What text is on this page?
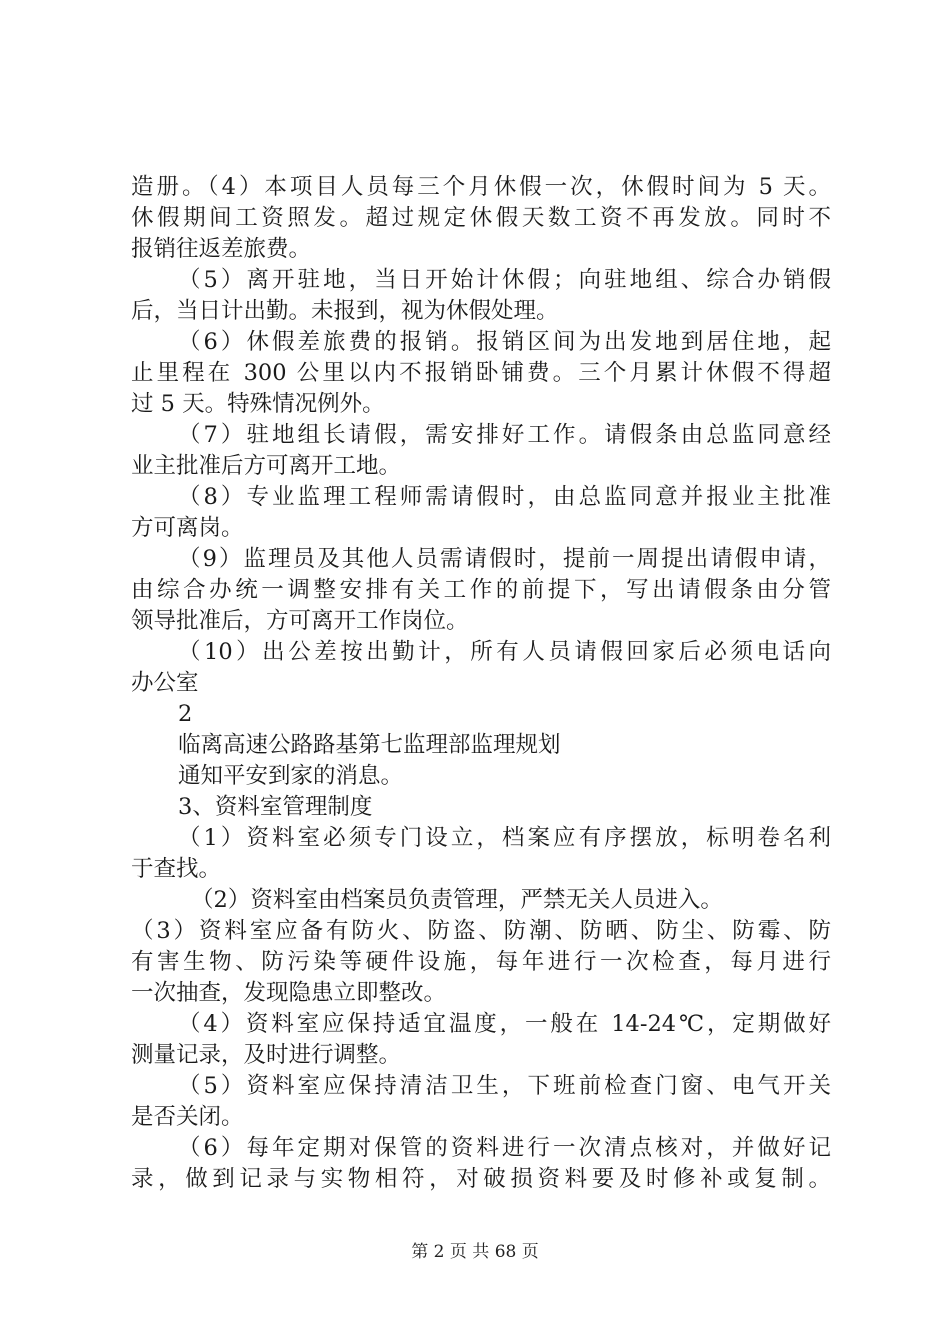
造册。（4）本项目人员每三个月休假一次，休假时间为 5 天。
休假期间工资照发。超过规定休假天数工资不再发放。同时不
报销往返差旅费。
（5）离开驻地，当日开始计休假；向驻地组、综合办销假
后，当日计出勤。未报到，视为休假处理。
（6）休假差旅费的报销。报销区间为出发地到居住地，起
止里程在 300 公里以内不报销卧铺费。三个月累计休假不得超
过 5 天。特殊情况例外。
（7）驻地组长请假，需安排好工作。请假条由总监同意经
业主批准后方可离开工地。
（8）专业监理工程师需请假时，由总监同意并报业主批准
方可离岗。
（9）监理员及其他人员需请假时，提前一周提出请假申请，
由综合办统一调整安排有关工作的前提下，写出请假条由分管
领导批准后，方可离开工作岗位。
（10）出公差按出勤计，所有人员请假回家后必须电话向
办公室
2
临离高速公路路基第七监理部监理规划
通知平安到家的消息。
3、资料室管理制度
（1）资料室必须专门设立，档案应有序摆放，标明卷名利
于查找。
（2）资料室由档案员负责管理，严禁无关人员进入。
（3）资料室应备有防火、防盗、防潮、防晒、防尘、防霉、防
有害生物、防污染等硬件设施，每年进行一次检查，每月进行
一次抽查，发现隐患立即整改。
（4）资料室应保持适宜温度，一般在 14-24℃，定期做好
测量记录，及时进行调整。
（5）资料室应保持清洁卫生，下班前检查门窗、电气开关
是否关闭。
（6）每年定期对保管的资料进行一次清点核对，并做好记
录，做到记录与实物相符，对破损资料要及时修补或复制。
第 2 页 共 68 页
